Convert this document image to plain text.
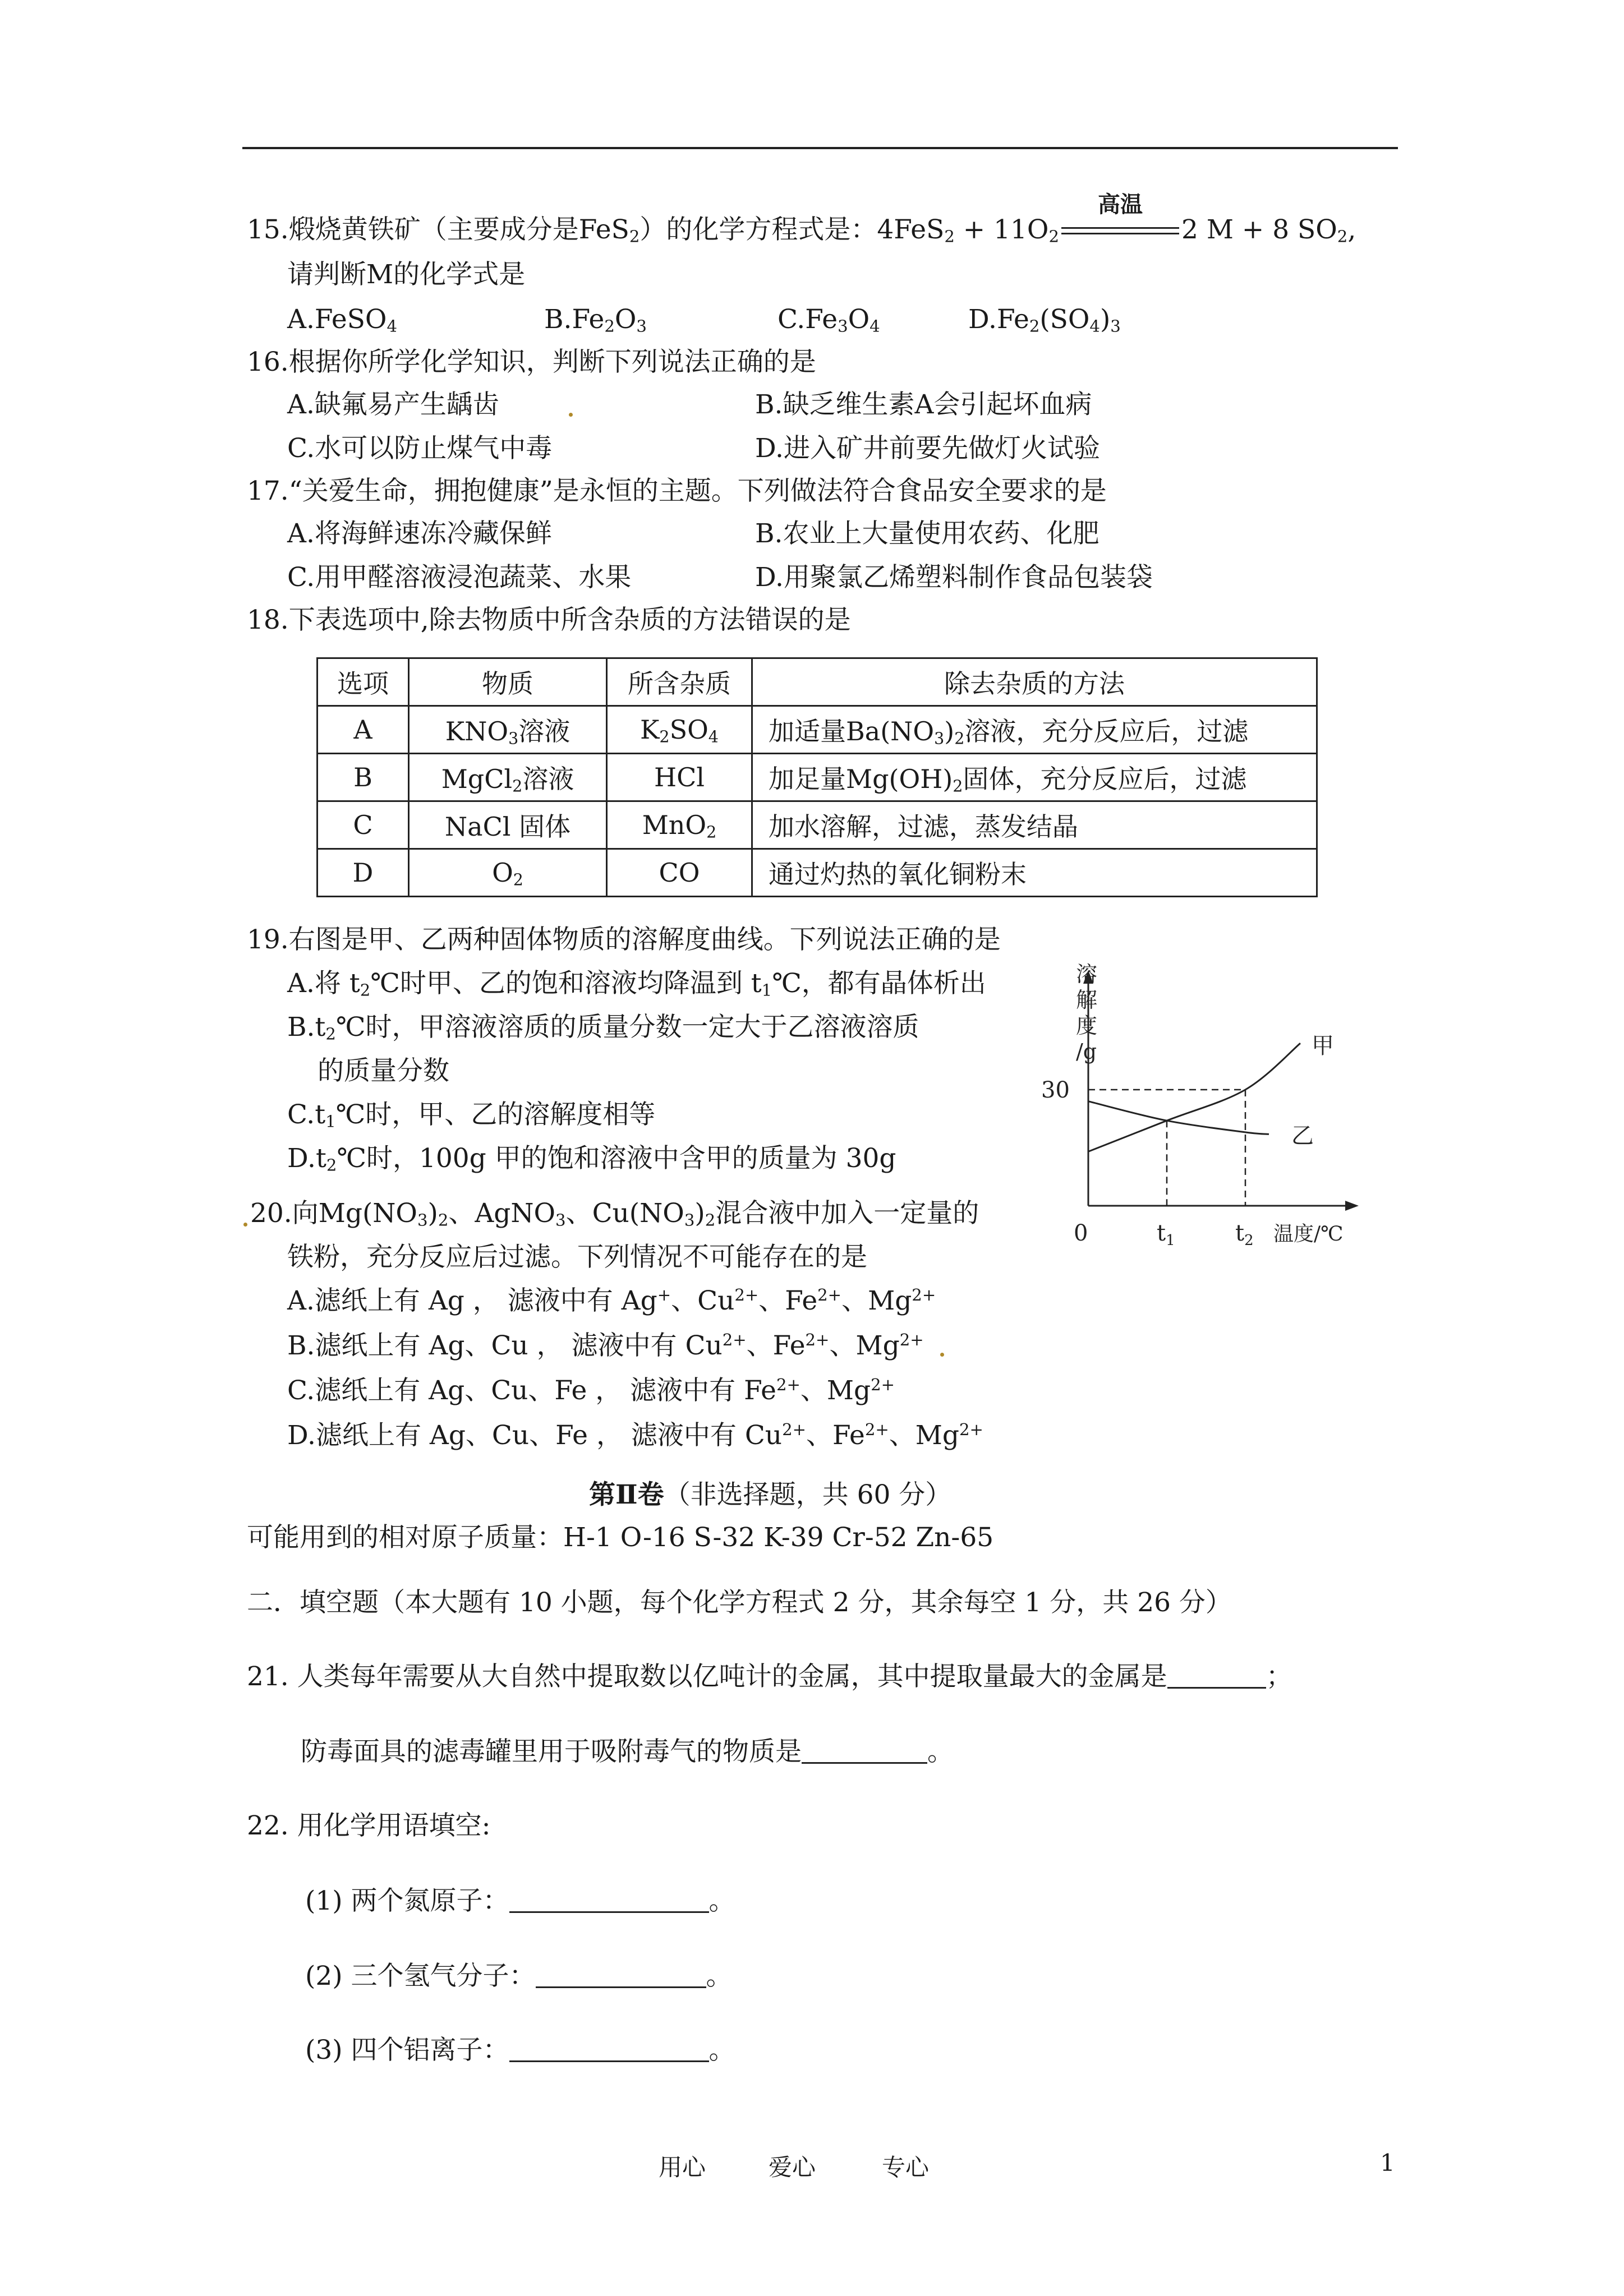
15.煅烧黄铁矿（主要成分是FeS$_2$）的化学方程式是：$4FeS_2 + 11O_2$
高温
2 M + 8 $SO_2$,
请判断M的化学式是
A.FeSO$_4$	$B.Fe_2O_3$	$C.Fe_3O_4$	$D.Fe_2(SO_4)_3$
16.根据你所学化学知识，判断下列说法正确的是
A.缺氟易产生龋齿	B.缺乏维生素A会引起坏血病
C.水可以防止煤气中毒	D.进入矿井前要先做灯火试验
17.“关爱生命，拥抱健康”是永恒的主题。下列做法符合食品安全要求的是
A.将海鲜速冻冷藏保鲜	B.农业上大量使用农药、化肥
C.用甲醛溶液浸泡蔬菜、水果	D.用聚氯乙烯塑料制作食品包装袋
18.下表选项中,除去物质中所含杂质的方法错误的是
选项	物质	所含杂质	除去杂质的方法
A	$KNO_3$溶液	$K_2SO_4$	加适量$Ba(NO_3)_2$溶液，充分反应后，过滤
B	MgCl$_2$溶液	HCl	加足量$Mg(OH)_2$固体，充分反应后，过滤
C	NaCl 固体	MnO$_2$	加水溶解，过滤，蒸发结晶
D	$O_2$	CO	通过灼热的氧化铜粉末
19.右图是甲、乙两种固体物质的溶解度曲线。下列说法正确的是
A.将 $t_2℃$时甲、乙的饱和溶液均降温到 $t_1℃$，都有晶体析出
$B.t_2℃$时，甲溶液溶质的质量分数一定大于乙溶液溶质
的质量分数
$C.t_1℃$时，甲、乙的溶解度相等
$D.t_2℃$时，100g 甲的饱和溶液中含甲的质量为 30g
溶
解
度
/g
30
0	$t_1$	$t_2$ 温度/℃
甲
乙
20.向$Mg(NO_3)_2$、AgNO$_3$、$Cu(NO_3)_2$混合液中加入一定量的
铁粉，充分反应后过滤。下列情况不可能存在的是
A.滤纸上有 Ag ， 滤液中有 Ag+、$Cu^{2+}$、$Fe^{2+}$、$Mg^{2+}$
B.滤纸上有 Ag、Cu ， 滤液中有 $Cu^{2+}$、$Fe^{2+}$、$Mg^{2+}$
C.滤纸上有 Ag、Cu、Fe ， 滤液中有 $Fe^{2+}$、$Mg^{2+}$
D.滤纸上有 Ag、Cu、Fe ， 滤液中有 $Cu^{2+}$、$Fe^{2+}$、$Mg^{2+}$
第Ⅱ卷（非选择题，共 60 分）
可能用到的相对原子质量：H-1 O-16 S-32 K-39 Cr-52 Zn-65
二．填空题（本大题有 10 小题，每个化学方程式 2 分，其余每空 1 分，共 26 分）
21. 人类每年需要从大自然中提取数以亿吨计的金属，其中提取量最大的金属是	；
防毒面具的滤毒罐里用于吸附毒气的物质是	。
22. 用化学用语填空:
(1) 两个氮原子：	。
(2) 三个氢气分子：	。
(3) 四个铝离子：	。
用心	爱心	专心	1
